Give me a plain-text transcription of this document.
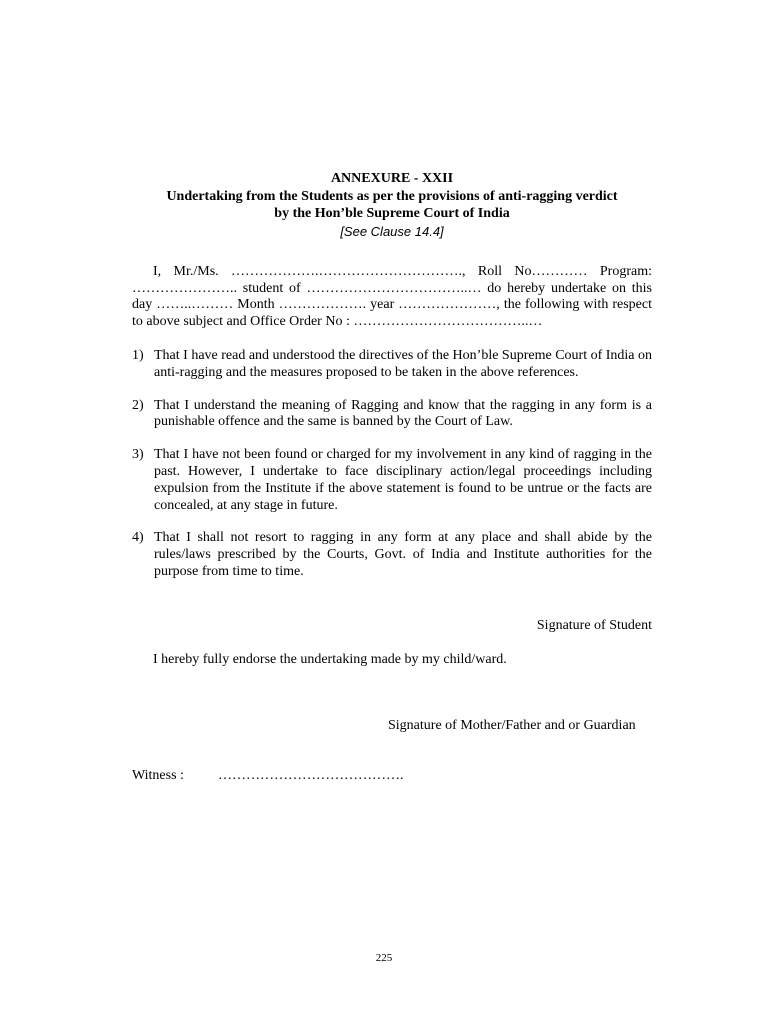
ANNEXURE - XXII
Undertaking from the Students as per the provisions of anti-ragging verdict
by the Hon’ble Supreme Court of India
[See Clause 14.4]
I, Mr./Ms. ……………….…………………………., Roll No………… Program: ………………….. student of ……………………………..… do hereby undertake on this day ……..……… Month ………………. year …………………, the following with respect to above subject and Office Order No : ………………………………..…
1) That I have read and understood the directives of the Hon’ble Supreme Court of India on anti-ragging and the measures proposed to be taken in the above references.
2) That I understand the meaning of Ragging and know that the ragging in any form is a punishable offence and the same is banned by the Court of Law.
3) That I have not been found or charged for my involvement in any kind of ragging in the past. However, I undertake to face disciplinary action/legal proceedings including expulsion from the Institute if the above statement is found to be untrue or the facts are concealed, at any stage in future.
4) That I shall not resort to ragging in any form at any place and shall abide by the rules/laws prescribed by the Courts, Govt. of India and Institute authorities for the purpose from time to time.
Signature of Student
I hereby fully endorse the undertaking made by my child/ward.
Signature of Mother/Father and or Guardian
Witness : ………………………………….
225
